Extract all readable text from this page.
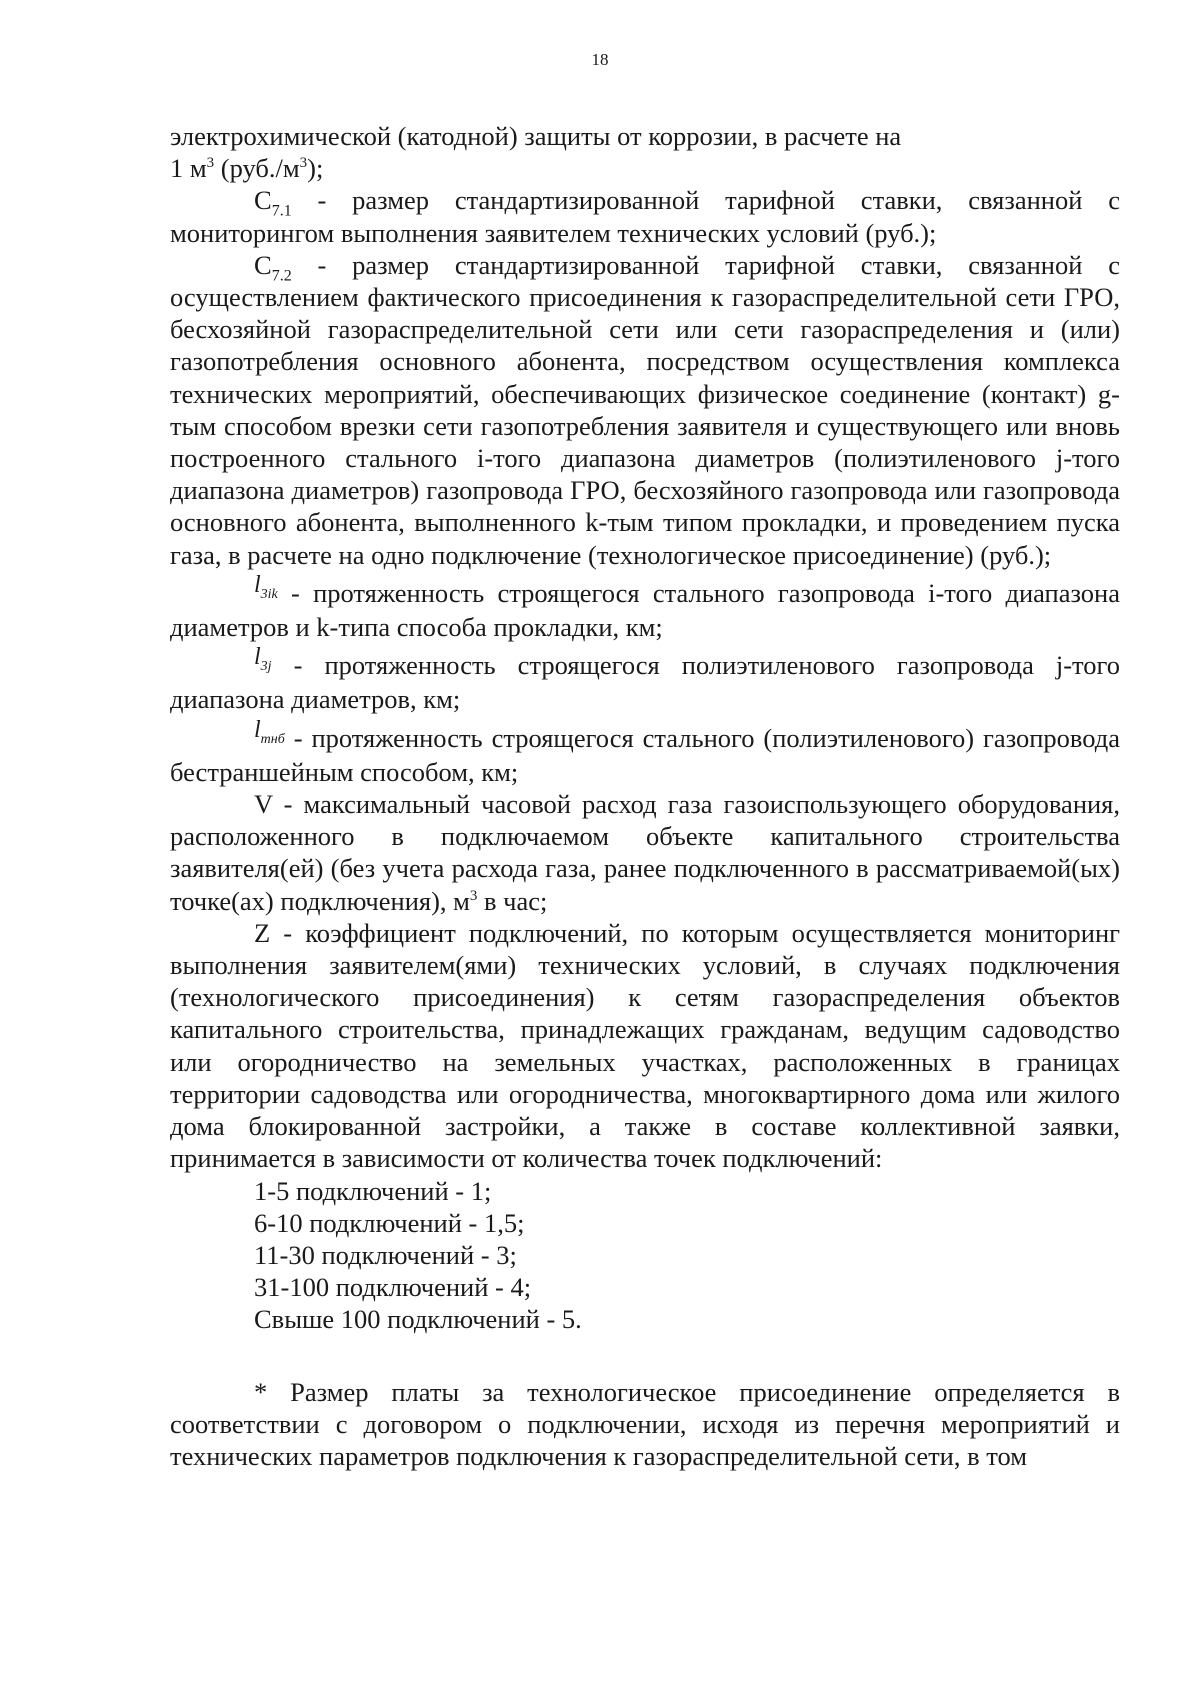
18

электрохимической (катодной) защиты от коррозии, в расчете на
1 $м^3$ $(руб./м^3)$;

$C_{7.1}$ - размер стандартизированной тарифной ставки, связанной с мониторингом выполнения заявителем технических условий (руб.);

$C_{7.2}$ - размер стандартизированной тарифной ставки, связанной с осуществлением фактического присоединения к газораспределительной сети ГРО, бесхозяйной газораспределительной сети или сети газораспределения и (или) газопотребления основного абонента, посредством осуществления комплекса технических мероприятий, обеспечивающих физическое соединение (контакт) g-тым способом врезки сети газопотребления заявителя и существующего или вновь построенного стального i-того диапазона диаметров (полиэтиленового j-того диапазона диаметров) газопровода ГРО, бесхозяйного газопровода или газопровода основного абонента, выполненного k-тым типом прокладки, и проведением пуска газа, в расчете на одно подключение (технологическое присоединение) (руб.);

$l_{3ik}$ - протяженность строящегося стального газопровода i-того диапазона диаметров и k-типа способа прокладки, км;

$l_{3j}$ - протяженность строящегося полиэтиленового газопровода j-того диапазона диаметров, км;

$l_{тнб}$ - протяженность строящегося стального (полиэтиленового) газопровода бестраншейным способом, км;

V - максимальный часовой расход газа газоиспользующего оборудования, расположенного в подключаемом объекте капитального строительства заявителя(ей) (без учета расхода газа, ранее подключенного в рассматриваемой(ых) точке(ах) подключения), $м^3$ в час;

Z - коэффициент подключений, по которым осуществляется мониторинг выполнения заявителем(ями) технических условий, в случаях подключения (технологического присоединения) к сетям газораспределения объектов капитального строительства, принадлежащих гражданам, ведущим садоводство или огородничество на земельных участках, расположенных в границах территории садоводства или огородничества, многоквартирного дома или жилого дома блокированной застройки, а также в составе коллективной заявки, принимается в зависимости от количества точек подключений:

1-5 подключений - 1;

6-10 подключений - 1,5;

11-30 подключений - 3;

31-100 подключений - 4;

Свыше 100 подключений - 5.

* Размер платы за технологическое присоединение определяется в соответствии с договором о подключении, исходя из перечня мероприятий и технических параметров подключения к газораспределительной сети, в том
